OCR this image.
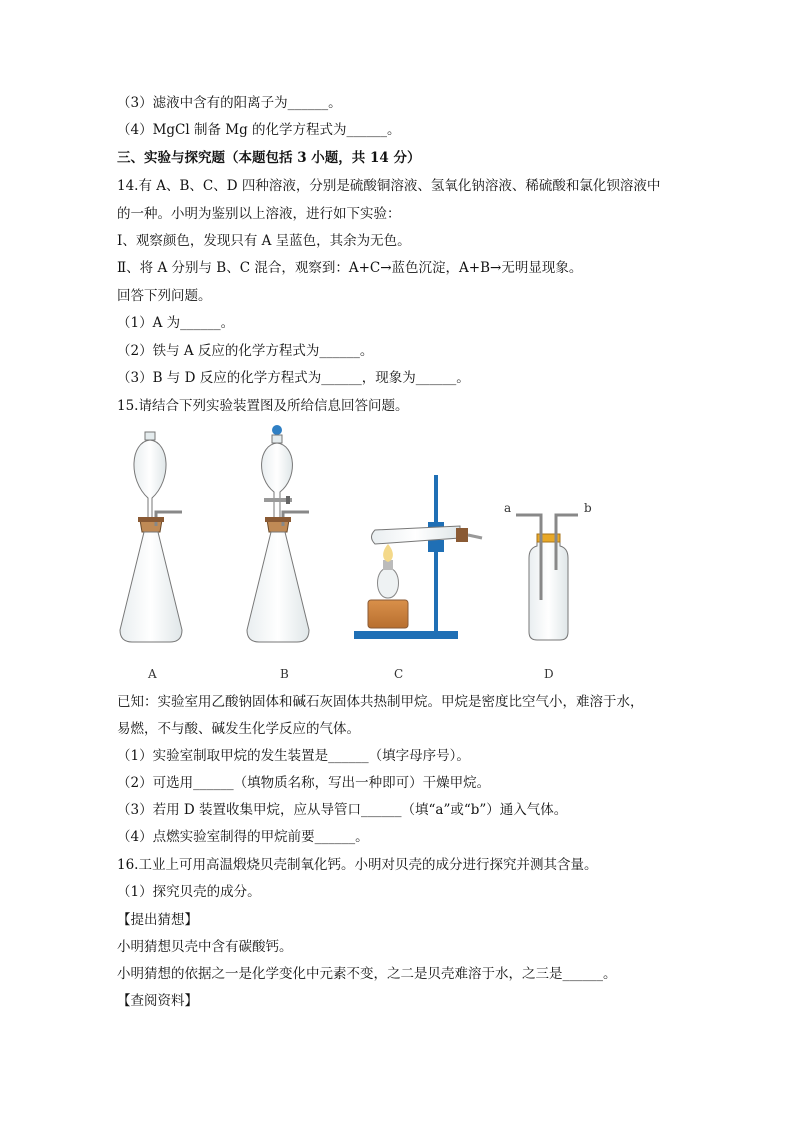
（3）滤液中含有的阳离子为______。
（4）MgCl 制备 Mg 的化学方程式为______。
三、实验与探究题（本题包括 3 小题，共 14 分）
14.有 A、B、C、D 四种溶液，分别是硫酸铜溶液、氢氧化钠溶液、稀硫酸和氯化钡溶液中
的一种。小明为鉴别以上溶液，进行如下实验：
Ⅰ、观察颜色，发现只有 A 呈蓝色，其余为无色。
Ⅱ、将 A 分别与 B、C 混合，观察到：A+C→蓝色沉淀，A+B→无明显现象。
回答下列问题。
（1）A 为______。
（2）铁与 A 反应的化学方程式为______。
（3）B 与 D 反应的化学方程式为______，现象为______。
15.请结合下列实验装置图及所给信息回答问题。
a	b
A	B	C	D
已知：实验室用乙酸钠固体和碱石灰固体共热制甲烷。甲烷是密度比空气小，难溶于水，
易燃，不与酸、碱发生化学反应的气体。
（1）实验室制取甲烷的发生装置是______（填字母序号）。
（2）可选用______（填物质名称，写出一种即可）干燥甲烷。
（3）若用 D 装置收集甲烷，应从导管口______（填“a”或“b”）通入气体。
（4）点燃实验室制得的甲烷前要______。
16.工业上可用高温煅烧贝壳制氧化钙。小明对贝壳的成分进行探究并测其含量。
（1）探究贝壳的成分。
【提出猜想】
小明猜想贝壳中含有碳酸钙。
小明猜想的依据之一是化学变化中元素不变，之二是贝壳难溶于水，之三是______。
【查阅资料】
